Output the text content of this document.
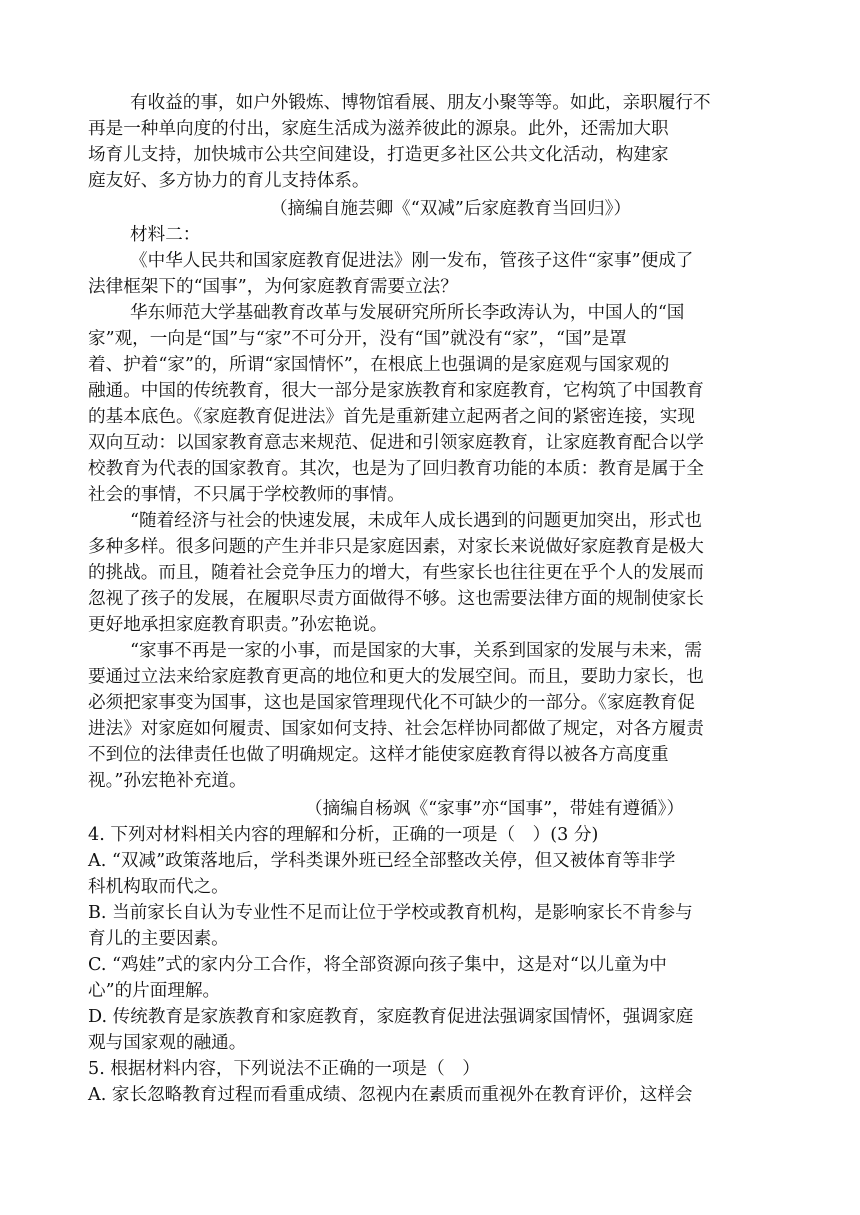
有收益的事，如户外锻炼、博物馆看展、朋友小聚等等。如此，亲职履行不
再是一种单向度的付出，家庭生活成为滋养彼此的源泉。此外，还需加大职
场育儿支持，加快城市公共空间建设，打造更多社区公共文化活动，构建家
庭友好、多方协力的育儿支持体系。
（摘编自施芸卿《“双减”后家庭教育当回归》）
材料二：
《中华人民共和国家庭教育促进法》刚一发布，管孩子这件“家事”便成了
法律框架下的“国事”，为何家庭教育需要立法？
华东师范大学基础教育改革与发展研究所所长李政涛认为，中国人的“国
家”观，一向是“国”与“家”不可分开，没有“国”就没有“家”，“国”是罩
着、护着“家”的，所谓“家国情怀”，在根底上也强调的是家庭观与国家观的
融通。中国的传统教育，很大一部分是家族教育和家庭教育，它构筑了中国教育
的基本底色。《家庭教育促进法》首先是重新建立起两者之间的紧密连接，实现
双向互动：以国家教育意志来规范、促进和引领家庭教育，让家庭教育配合以学
校教育为代表的国家教育。其次，也是为了回归教育功能的本质：教育是属于全
社会的事情，不只属于学校教师的事情。
“随着经济与社会的快速发展，未成年人成长遇到的问题更加突出，形式也
多种多样。很多问题的产生并非只是家庭因素，对家长来说做好家庭教育是极大
的挑战。而且，随着社会竞争压力的增大，有些家长也往往更在乎个人的发展而
忽视了孩子的发展，在履职尽责方面做得不够。这也需要法律方面的规制使家长
更好地承担家庭教育职责。”孙宏艳说。
“家事不再是一家的小事，而是国家的大事，关系到国家的发展与未来，需
要通过立法来给家庭教育更高的地位和更大的发展空间。而且，要助力家长，也
必须把家事变为国事，这也是国家管理现代化不可缺少的一部分。《家庭教育促
进法》对家庭如何履责、国家如何支持、社会怎样协同都做了规定，对各方履责
不到位的法律责任也做了明确规定。这样才能使家庭教育得以被各方高度重
视。”孙宏艳补充道。
（摘编自杨飒《“家事”亦“国事”，带娃有遵循》）
4. 下列对材料相关内容的理解和分析，正确的一项是（　）(3 分)
A. “双减”政策落地后，学科类课外班已经全部整改关停，但又被体育等非学
科机构取而代之。
B. 当前家长自认为专业性不足而让位于学校或教育机构，是影响家长不肯参与
育儿的主要因素。
C. “鸡娃”式的家内分工合作，将全部资源向孩子集中，这是对“以儿童为中
心”的片面理解。
D. 传统教育是家族教育和家庭教育，家庭教育促进法强调家国情怀，强调家庭
观与国家观的融通。
5. 根据材料内容，下列说法不正确的一项是（　）
A. 家长忽略教育过程而看重成绩、忽视内在素质而重视外在教育评价，这样会
